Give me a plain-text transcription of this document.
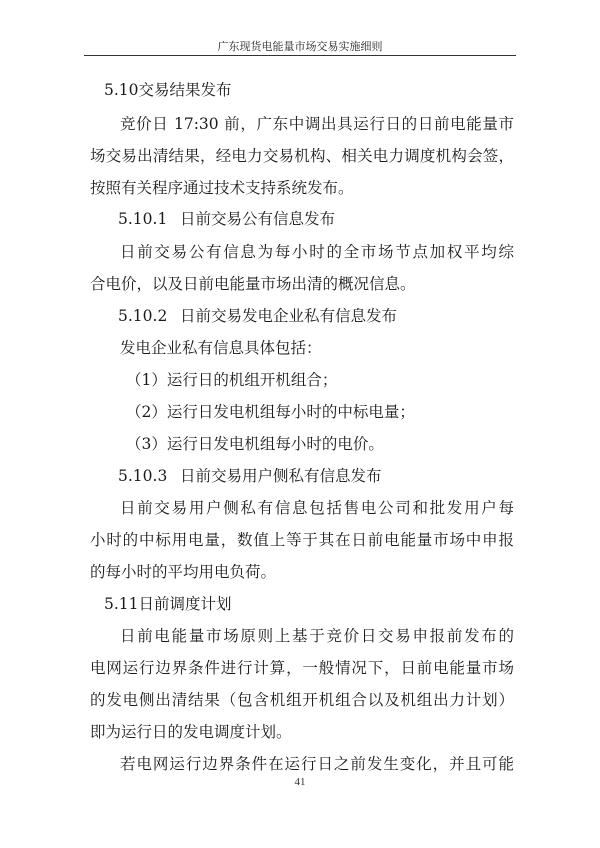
广东现货电能量市场交易实施细则
5.10交易结果发布
竞价日 17:30 前，广东中调出具运行日的日前电能量市
场交易出清结果，经电力交易机构、相关电力调度机构会签，
按照有关程序通过技术支持系统发布。
5.10.1 日前交易公有信息发布
日前交易公有信息为每小时的全市场节点加权平均综
合电价，以及日前电能量市场出清的概况信息。
5.10.2 日前交易发电企业私有信息发布
发电企业私有信息具体包括：
（1）运行日的机组开机组合；
（2）运行日发电机组每小时的中标电量；
（3）运行日发电机组每小时的电价。
5.10.3 日前交易用户侧私有信息发布
日前交易用户侧私有信息包括售电公司和批发用户每
小时的中标用电量，数值上等于其在日前电能量市场中申报
的每小时的平均用电负荷。
5.11日前调度计划
日前电能量市场原则上基于竞价日交易申报前发布的
电网运行边界条件进行计算，一般情况下，日前电能量市场
的发电侧出清结果（包含机组开机组合以及机组出力计划）
即为运行日的发电调度计划。
若电网运行边界条件在运行日之前发生变化，并且可能
41
